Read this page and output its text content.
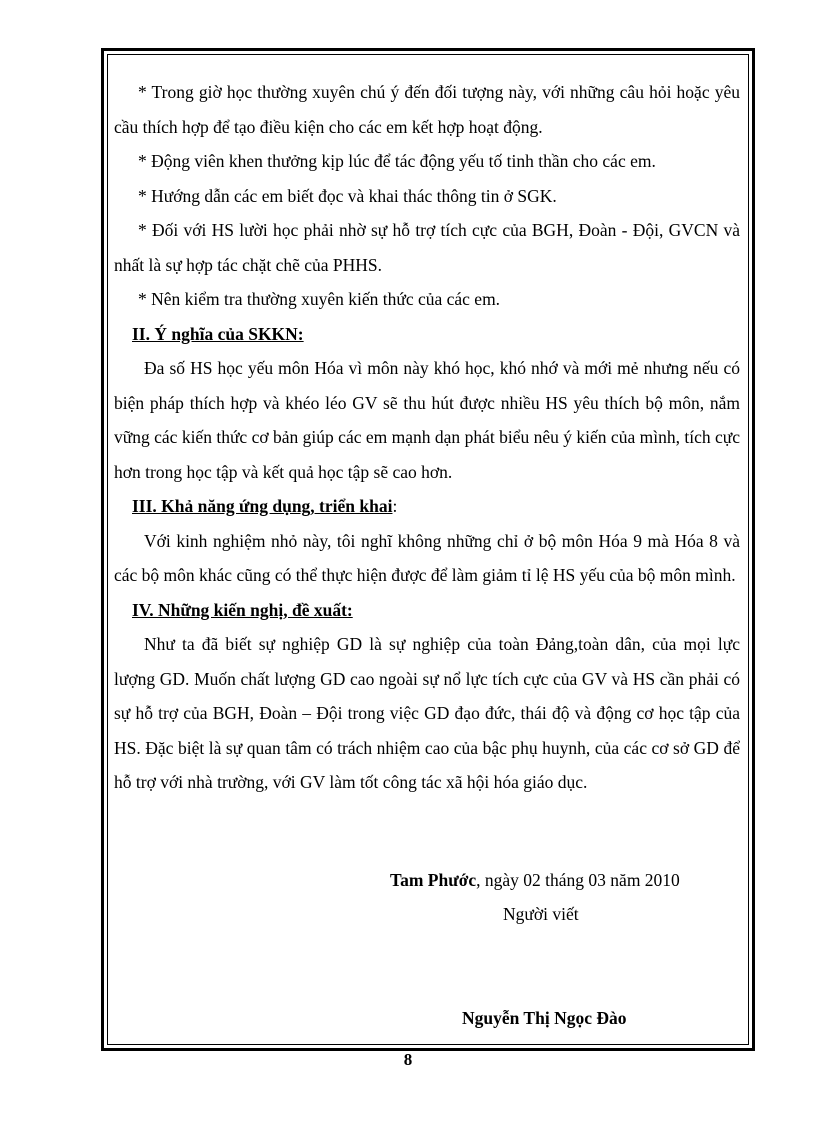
* Trong giờ học thường xuyên chú ý đến đối tượng này, với những câu hỏi hoặc yêu cầu thích hợp để tạo điều kiện cho các em kết hợp hoạt động.

* Động viên khen thưởng kịp lúc để tác động yếu tố tinh thần cho các em.

* Hướng dẫn các em biết đọc và khai thác thông tin ở SGK.

* Đối với HS lười học phải nhờ sự hỗ trợ tích cực của BGH, Đoàn - Đội, GVCN và nhất là sự hợp tác chặt chẽ của PHHS.

* Nên kiểm tra thường xuyên kiến thức của các em.

II. Ý nghĩa của SKKN:

Đa số HS học yếu môn Hóa vì môn này khó học, khó nhớ và mới mẻ nhưng nếu có biện pháp thích hợp và khéo léo GV sẽ thu hút được nhiều HS yêu thích bộ môn, nắm vững các kiến thức cơ bản giúp các em mạnh dạn phát biểu nêu ý kiến của mình, tích cực hơn trong học tập và kết quả học tập sẽ cao hơn.

III. Khả năng ứng dụng, triển khai:

Với kinh nghiệm nhỏ này, tôi nghĩ không những chỉ ở bộ môn Hóa 9 mà Hóa 8 và các bộ môn khác cũng có thể thực hiện được để làm giảm tỉ lệ HS yếu của bộ môn mình.

IV. Những kiến nghị, đề xuất:

Như ta đã biết sự nghiệp GD là sự nghiệp của toàn Đảng,toàn dân, của mọi lực lượng GD. Muốn chất lượng GD cao ngoài sự nổ lực tích cực của GV và HS cần phải có sự hỗ trợ của BGH, Đoàn – Đội trong việc GD đạo đức, thái độ và động cơ học tập của HS. Đặc biệt là sự quan tâm có trách nhiệm cao của bậc phụ huynh, của các cơ sở GD để hỗ trợ với nhà trường, với GV làm tốt công tác xã hội hóa giáo dục.

Tam Phước, ngày 02 tháng 03 năm 2010
Người viết
Nguyễn Thị Ngọc Đào
8
